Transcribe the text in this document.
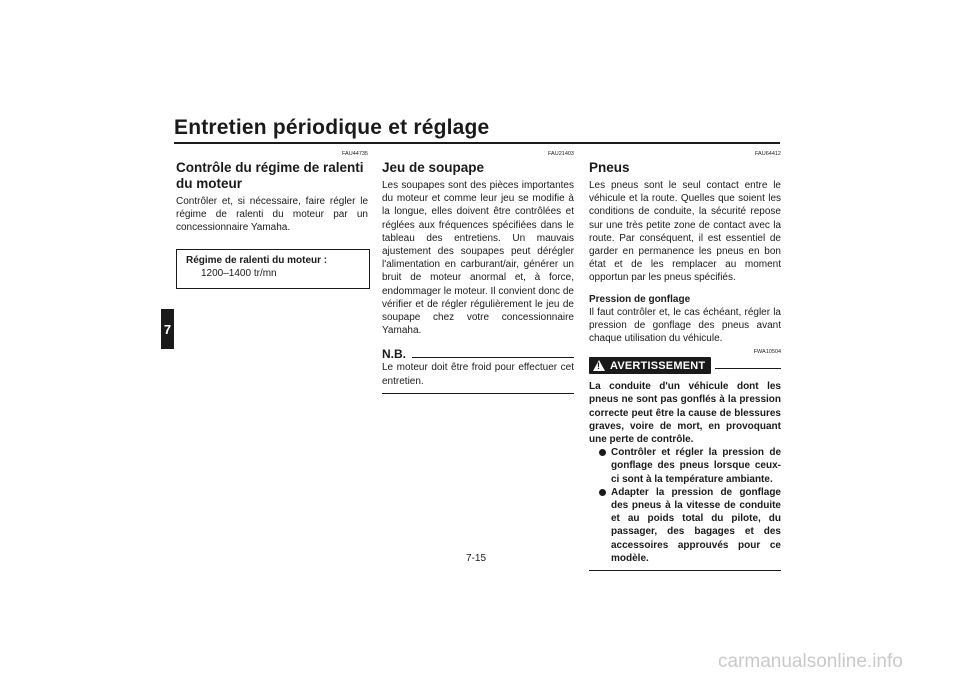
Entretien périodique et réglage
7
FAU44735
Contrôle du régime de ralenti du moteur
Contrôler et, si nécessaire, faire régler le régime de ralenti du moteur par un concessionnaire Yamaha.
Régime de ralenti du moteur :
1200–1400 tr/mn
FAU21403
Jeu de soupape
Les soupapes sont des pièces importantes du moteur et comme leur jeu se modifie à la longue, elles doivent être contrôlées et réglées aux fréquences spécifiées dans le tableau des entretiens. Un mauvais ajustement des soupapes peut dérégler l'alimentation en carburant/air, générer un bruit de moteur anormal et, à force, endommager le moteur. Il convient donc de vérifier et de régler régulièrement le jeu de soupape chez votre concessionnaire Yamaha.
N.B.
Le moteur doit être froid pour effectuer cet entretien.
FAU64412
Pneus
Les pneus sont le seul contact entre le véhicule et la route. Quelles que soient les conditions de conduite, la sécurité repose sur une très petite zone de contact avec la route. Par conséquent, il est essentiel de garder en permanence les pneus en bon état et de les remplacer au moment opportun par les pneus spécifiés.
Pression de gonflage
Il faut contrôler et, le cas échéant, régler la pression de gonflage des pneus avant chaque utilisation du véhicule.
FWA10504
! AVERTISSEMENT
La conduite d'un véhicule dont les pneus ne sont pas gonflés à la pression correcte peut être la cause de blessures graves, voire de mort, en provoquant une perte de contrôle.
Contrôler et régler la pression de gonflage des pneus lorsque ceux-ci sont à la température ambiante.
Adapter la pression de gonflage des pneus à la vitesse de conduite et au poids total du pilote, du passager, des bagages et des accessoires approuvés pour ce modèle.
7-15
carmanualsonline.info
